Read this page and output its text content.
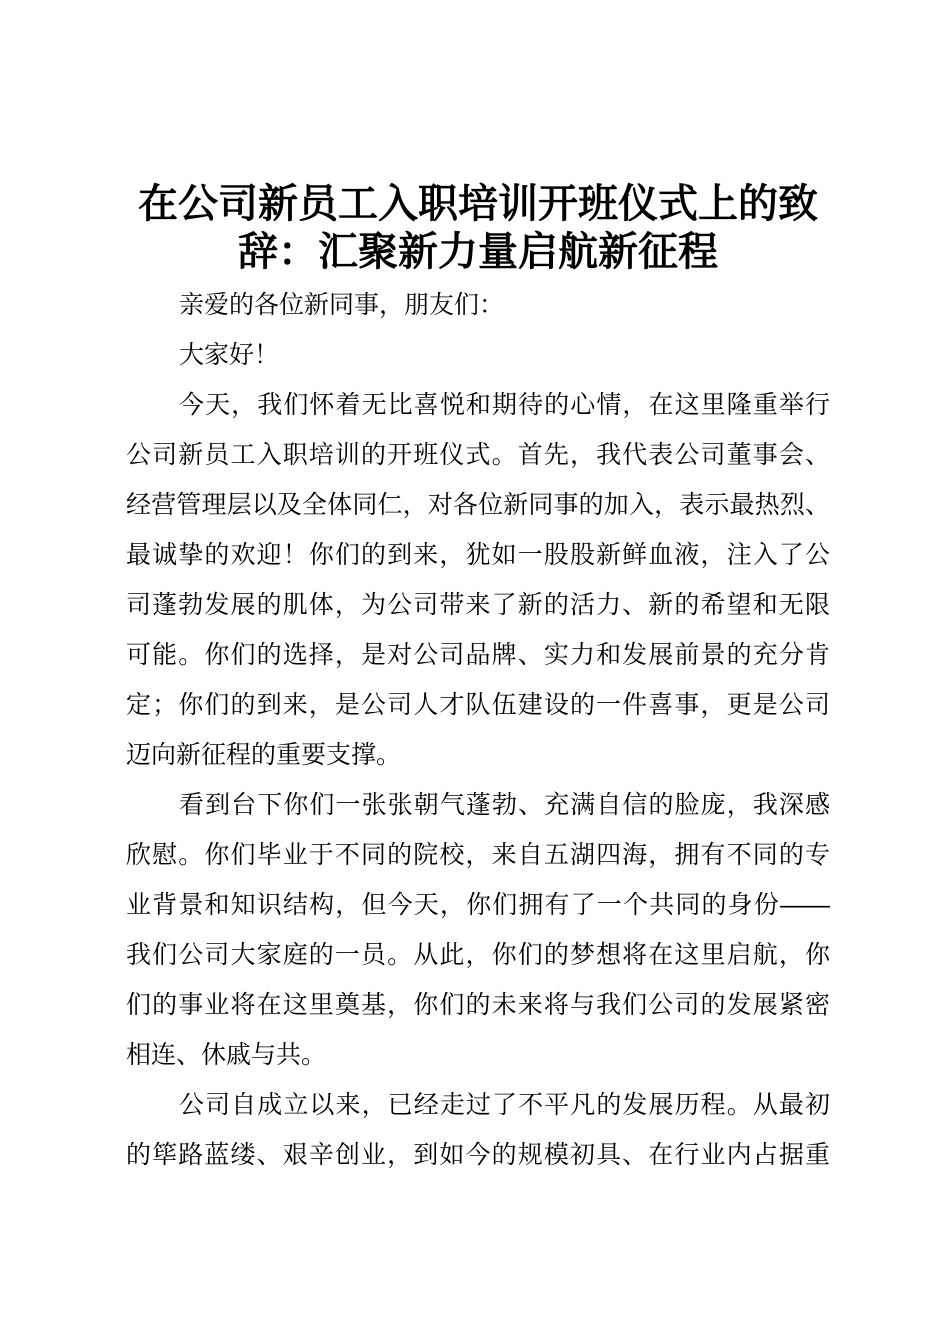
在公司新员工入职培训开班仪式上的致
辞：汇聚新力量启航新征程
亲爱的各位新同事，朋友们：
大家好！
今天，我们怀着无比喜悦和期待的心情，在这里隆重举行
公司新员工入职培训的开班仪式。首先，我代表公司董事会、
经营管理层以及全体同仁，对各位新同事的加入，表示最热烈、
最诚挚的欢迎！你们的到来，犹如一股股新鲜血液，注入了公
司蓬勃发展的肌体，为公司带来了新的活力、新的希望和无限
可能。你们的选择，是对公司品牌、实力和发展前景的充分肯
定；你们的到来，是公司人才队伍建设的一件喜事，更是公司
迈向新征程的重要支撑。
看到台下你们一张张朝气蓬勃、充满自信的脸庞，我深感
欣慰。你们毕业于不同的院校，来自五湖四海，拥有不同的专
业背景和知识结构，但今天，你们拥有了一个共同的身份——
我们公司大家庭的一员。从此，你们的梦想将在这里启航，你
们的事业将在这里奠基，你们的未来将与我们公司的发展紧密
相连、休戚与共。
公司自成立以来，已经走过了不平凡的发展历程。从最初
的筚路蓝缕、艰辛创业，到如今的规模初具、在行业内占据重
